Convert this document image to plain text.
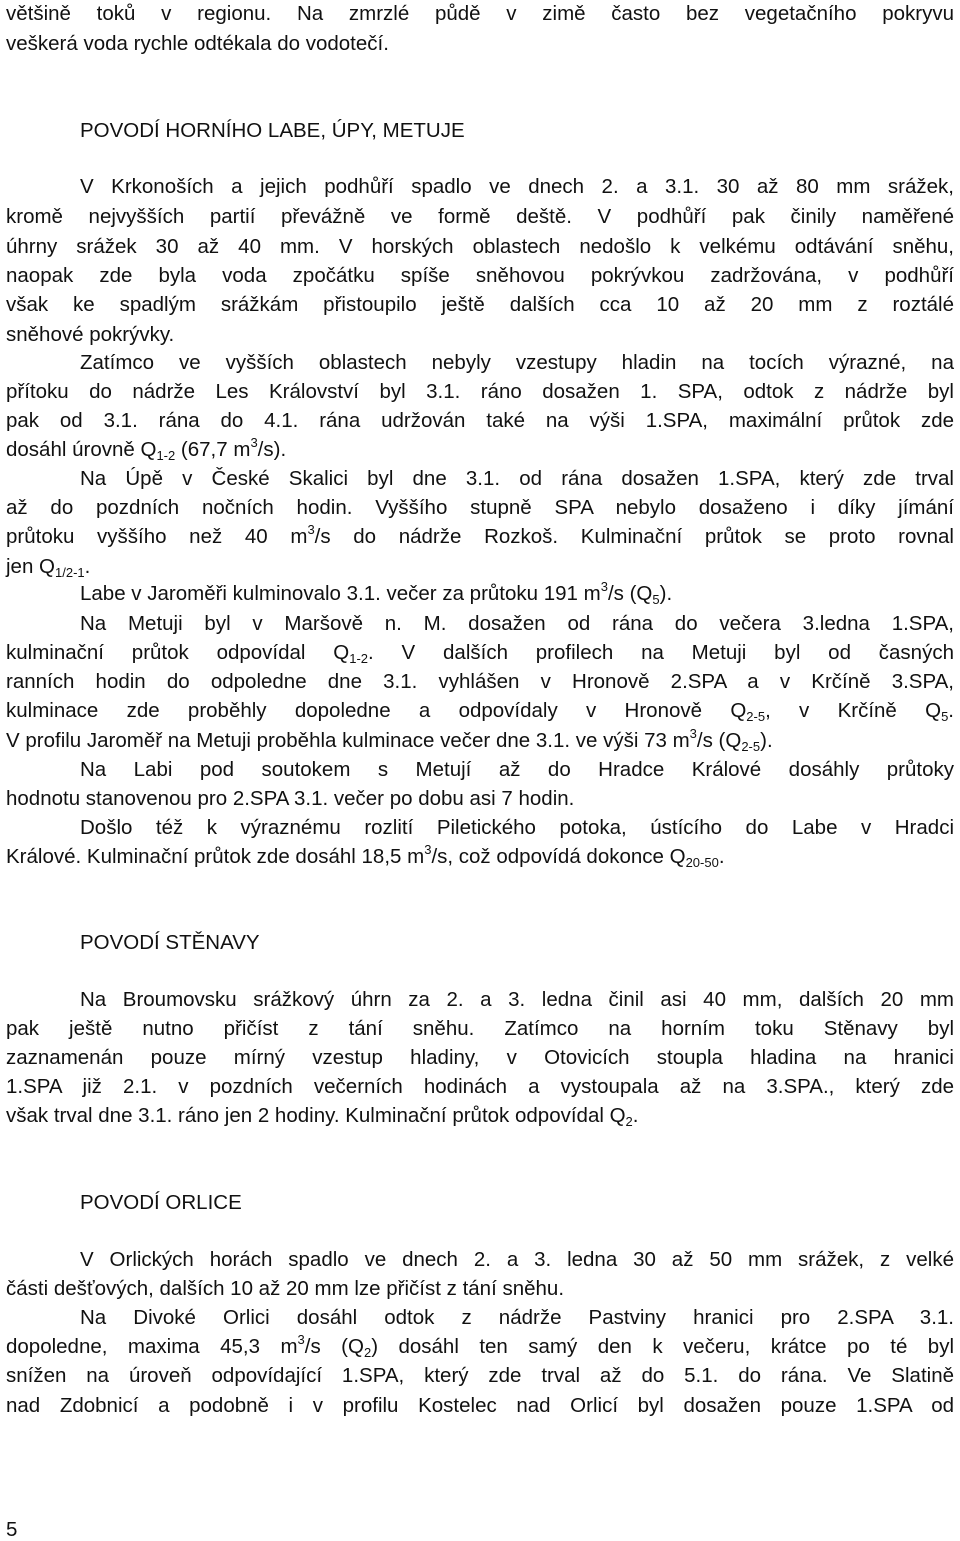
většině toků v regionu. Na zmrzlé půdě v zimě často bez vegetačního pokryvu
veškerá voda rychle odtékala do vodotečí.
POVODÍ HORNÍHO LABE, ÚPY, METUJE
V Krkonoších a jejich podhůří spadlo ve dnech 2. a 3.1. 30 až 80 mm srážek,
kromě nejvyšších partií převážně ve formě deště. V podhůří pak činily naměřené
úhrny srážek 30 až 40 mm. V horských oblastech nedošlo k velkému odtávání sněhu,
naopak zde byla voda zpočátku spíše sněhovou pokrývkou zadržována, v podhůří
však ke spadlým srážkám přistoupilo ještě dalších cca 10 až 20 mm z roztálé
sněhové pokrývky.
Zatímco ve vyšších oblastech nebyly vzestupy hladin na tocích výrazné, na
přítoku do nádrže Les Království byl 3.1. ráno dosažen 1. SPA, odtok z nádrže byl
pak od 3.1. rána do 4.1. rána udržován také na výši 1.SPA, maximální průtok zde
dosáhl úrovně $Q_{1-2}$ (67,7 $m^3/s$).
Na Úpě v České Skalici byl dne 3.1. od rána dosažen 1.SPA, který zde trval
až do pozdních nočních hodin. Vyššího stupně SPA nebylo dosaženo i díky jímání
průtoku vyššího než 40 $m^3/s$ do nádrže Rozkoš. Kulminační průtok se proto rovnal
jen $Q_{1/2-1}$.
Labe v Jaroměři kulminovalo 3.1. večer za průtoku 191 $m^3/s$ $(Q_5)$.
Na Metuji byl v Maršově n. M. dosažen od rána do večera 3.ledna 1.SPA,
kulminační průtok odpovídal $Q_{1-2}$. V dalších profilech na Metuji byl od časných
ranních hodin do odpoledne dne 3.1. vyhlášen v Hronově 2.SPA a v Krčíně 3.SPA,
kulminace zde proběhly dopoledne a odpovídaly v Hronově $Q_{2-5}$, v Krčíně $Q_5$.
V profilu Jaroměř na Metuji proběhla kulminace večer dne 3.1. ve výši 73 $m^3/s$ $(Q_{2-5})$.
Na Labi pod soutokem s Metují až do Hradce Králové dosáhly průtoky
hodnotu stanovenou pro 2.SPA 3.1. večer po dobu asi 7 hodin.
Došlo též k výraznému rozlití Piletického potoka, ústícího do Labe v Hradci
Králové. Kulminační průtok zde dosáhl 18,5 $m^3/s$, což odpovídá dokonce $Q_{20-50}$.
POVODÍ STĚNAVY
Na Broumovsku srážkový úhrn za 2. a 3. ledna činil asi 40 mm, dalších 20 mm
pak ještě nutno přičíst z tání sněhu. Zatímco na horním toku Stěnavy byl
zaznamenán pouze mírný vzestup hladiny, v Otovicích stoupla hladina na hranici
1.SPA již 2.1. v pozdních večerních hodinách a vystoupala až na 3.SPA., který zde
však trval dne 3.1. ráno jen 2 hodiny. Kulminační průtok odpovídal $Q_2$.
POVODÍ ORLICE
V Orlických horách spadlo ve dnech 2. a 3. ledna 30 až 50 mm srážek, z velké
části dešťových, dalších 10 až 20 mm lze přičíst z tání sněhu.
Na Divoké Orlici dosáhl odtok z nádrže Pastviny hranici pro 2.SPA 3.1.
dopoledne, maxima 45,3 $m^3/s$ $(Q_2)$ dosáhl ten samý den k večeru, krátce po té byl
snížen na úroveň odpovídající 1.SPA, který zde trval až do 5.1. do rána. Ve Slatině
nad Zdobnicí a podobně i v profilu Kostelec nad Orlicí byl dosažen pouze 1.SPA od
5
